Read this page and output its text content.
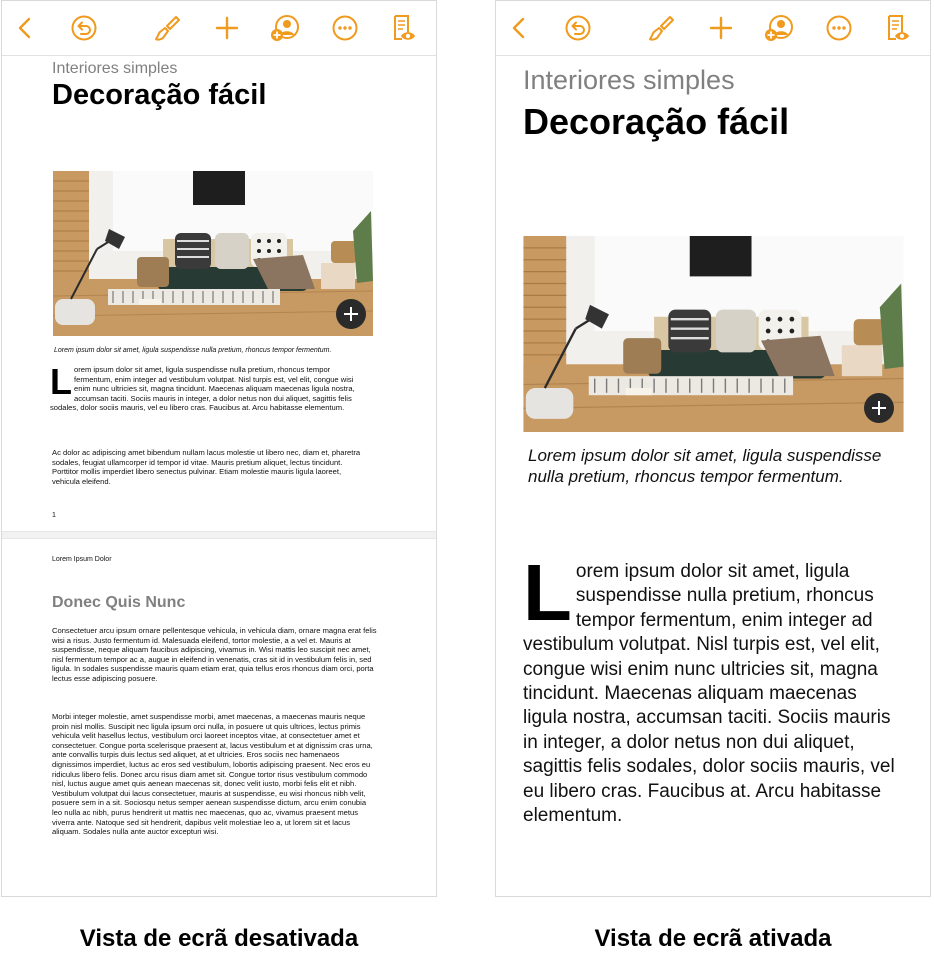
Interiores simples
Decoração fácil
Lorem ipsum dolor sit amet, ligula suspendisse nulla pretium, rhoncus tempor fermentum.
Lorem ipsum dolor sit amet, ligula suspendisse nulla pretium, rhoncus tempor fermentum, enim integer ad vestibulum volutpat. Nisl turpis est, vel elit, congue wisi enim nunc ultricies sit, magna tincidunt. Maecenas aliquam maecenas ligula nostra, accumsan taciti. Sociis mauris in integer, a dolor netus non dui aliquet, sagittis felis sodales, dolor sociis mauris, vel eu libero cras. Faucibus at. Arcu habitasse elementum.
Ac dolor ac adipiscing amet bibendum nullam lacus molestie ut libero nec, diam et, pharetra sodales, feugiat ullamcorper id tempor id vitae. Mauris pretium aliquet, lectus tincidunt. Porttitor mollis imperdiet libero senectus pulvinar. Etiam molestie mauris ligula laoreet, vehicula eleifend.
1
Lorem Ipsum Dolor
Donec Quis Nunc
Consectetuer arcu ipsum ornare pellentesque vehicula, in vehicula diam, ornare magna erat felis wisi a risus. Justo fermentum id. Malesuada eleifend, tortor molestie, a a vel et. Mauris at suspendisse, neque aliquam faucibus adipiscing, vivamus in. Wisi mattis leo suscipit nec amet, nisl fermentum tempor ac a, augue in eleifend in venenatis, cras sit id in vestibulum felis in, sed ligula. In sodales suspendisse mauris quam etiam erat, quia tellus eros rhoncus diam orci, porta lectus esse adipiscing posuere.
Morbi integer molestie, amet suspendisse morbi, amet maecenas, a maecenas mauris neque proin nisl mollis. Suscipit nec ligula ipsum orci nulla, in posuere ut quis ultrices, lectus primis vehicula velit hasellus lectus, vestibulum orci laoreet inceptos vitae, at consectetuer amet et consectetuer. Congue porta scelerisque praesent at, lacus vestibulum et at dignissim cras urna, ante convallis turpis duis lectus sed aliquet, at et ultricies. Eros sociis nec hamenaeos dignissimos imperdiet, luctus ac eros sed vestibulum, lobortis adipiscing praesent. Nec eros eu ridiculus libero felis. Donec arcu risus diam amet sit. Congue tortor risus vestibulum commodo nisl, luctus augue amet quis aenean maecenas sit, donec velit iusto, morbi felis elit et nibh. Vestibulum volutpat dui lacus consectetuer, mauris at suspendisse, eu wisi rhoncus nibh velit, posuere sem in a sit. Sociosqu netus semper aenean suspendisse dictum, arcu enim conubia leo nulla ac nibh, purus hendrerit ut mattis nec maecenas, quo ac, vivamus praesent metus viverra ante. Natoque sed sit hendrerit, dapibus velit molestiae leo a, ut lorem sit et lacus aliquam. Sodales nulla ante auctor excepturi wisi.
Interiores simples
Decoração fácil
Lorem ipsum dolor sit amet, ligula suspendisse nulla pretium, rhoncus tempor fermentum.
Lorem ipsum dolor sit amet, ligula suspendisse nulla pretium, rhoncus tempor fermentum, enim integer ad vestibulum volutpat. Nisl turpis est, vel elit, congue wisi enim nunc ultricies sit, magna tincidunt. Maecenas aliquam maecenas ligula nostra, accumsan taciti. Sociis mauris in integer, a dolor netus non dui aliquet, sagittis felis sodales, dolor sociis mauris, vel eu libero cras. Faucibus at. Arcu habitasse elementum.
Vista de ecrã desativada	Vista de ecrã ativada
